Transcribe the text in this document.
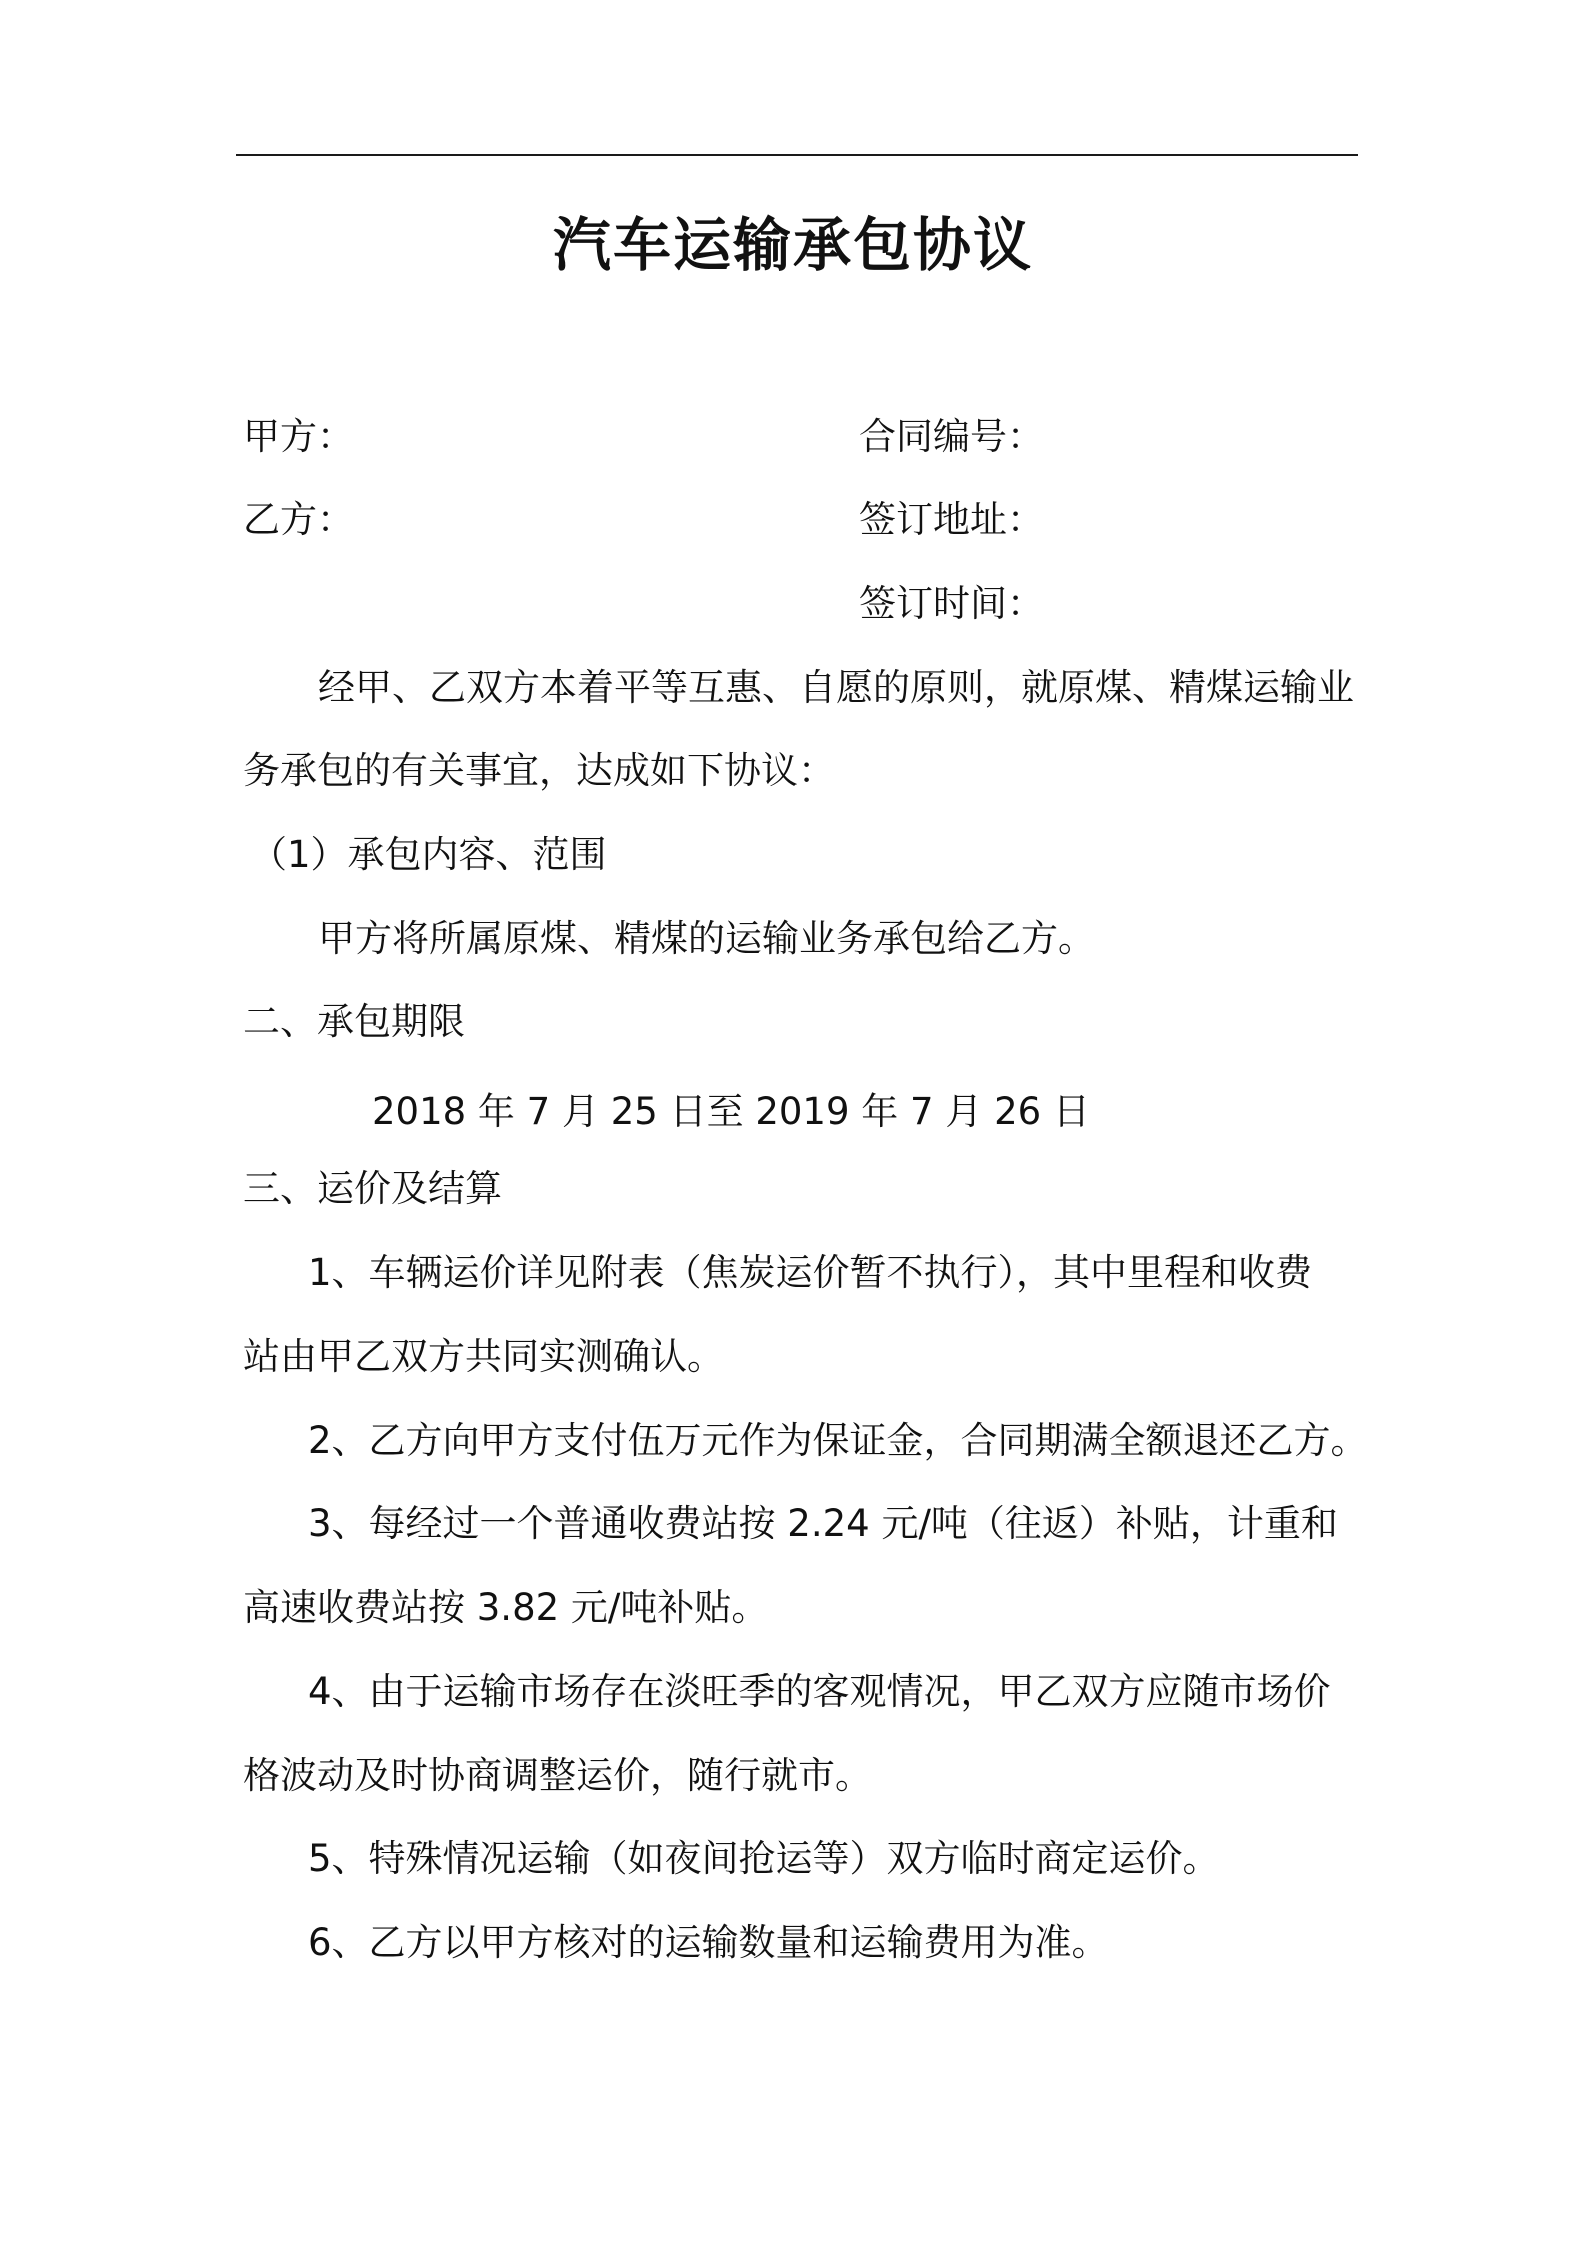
汽车运输承包协议
甲方：	合同编号：
乙方：	签订地址：
签订时间：
经甲、乙双方本着平等互惠、自愿的原则，就原煤、精煤运输业
务承包的有关事宜，达成如下协议：
（1）承包内容、范围
甲方将所属原煤、精煤的运输业务承包给乙方。
二、承包期限
2018 年 7 月 25 日至 2019 年 7 月 26 日
三、运价及结算
1、车辆运价详见附表（焦炭运价暂不执行），其中里程和收费
站由甲乙双方共同实测确认。
2、乙方向甲方支付伍万元作为保证金，合同期满全额退还乙方。
3、每经过一个普通收费站按 2.24 元/吨（往返）补贴，计重和
高速收费站按 3.82 元/吨补贴。
4、由于运输市场存在淡旺季的客观情况，甲乙双方应随市场价
格波动及时协商调整运价，随行就市。
5、特殊情况运输（如夜间抢运等）双方临时商定运价。
6、乙方以甲方核对的运输数量和运输费用为准。
